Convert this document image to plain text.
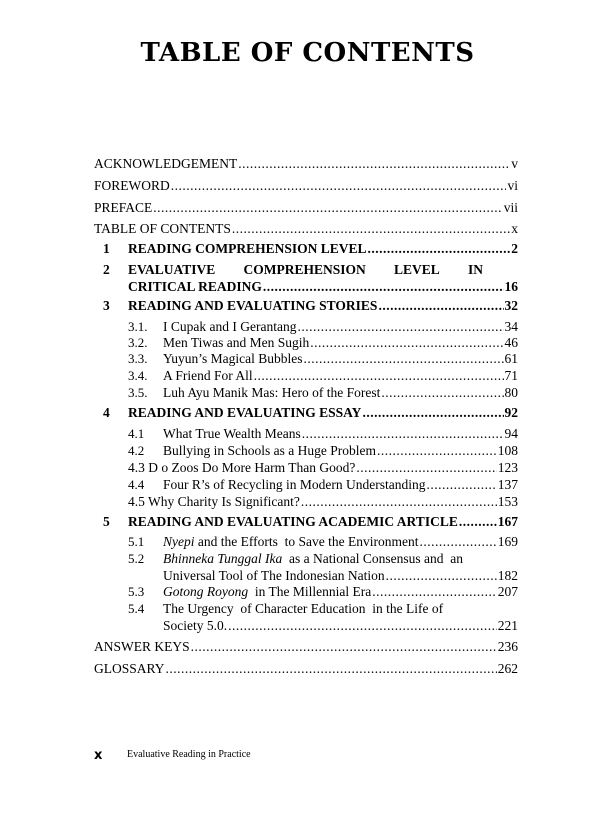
TABLE OF CONTENTS
ACKNOWLEDGEMENT .....	v
FOREWORD .....	vi
PREFACE .....	vii
TABLE OF CONTENTS .....	x
1 READING COMPREHENSION LEVEL .....	2
2 EVALUATIVE COMPREHENSION LEVEL IN
CRITICAL READING .....	16
3 READING AND EVALUATING STORIES .....	32
3.1. I Cupak and I Gerantang .....	34
3.2. Men Tiwas and Men Sugih .....	46
3.3. Yuyun’s Magical Bubbles .....	61
3.4. A Friend For All .....	71
3.5. Luh Ayu Manik Mas: Hero of the Forest .....	80
4 READING AND EVALUATING ESSAY .....	92
4.1 What True Wealth Means .....	94
4.2 Bullying in Schools as a Huge Problem .....	108
4.3 D o Zoos Do More Harm Than Good? .....	123
4.4 Four R’s of Recycling in Modern Understanding .....	137
4.5 Why Charity Is Significant? .....	153
5 READING AND EVALUATING ACADEMIC ARTICLE .....	167
5.1 Nyepi and the Efforts  to Save the Environment .....	169
5.2 Bhinneka Tunggal Ika  as a National Consensus and  an
Universal Tool of The Indonesian Nation .....	182
5.3 Gotong Royong  in The Millennial Era .....	207
5.4 The Urgency  of Character Education  in the Life of
Society 5.0. .....	221
ANSWER KEYS .....	236
GLOSSARY .....	262
x Evaluative Reading in Practice
